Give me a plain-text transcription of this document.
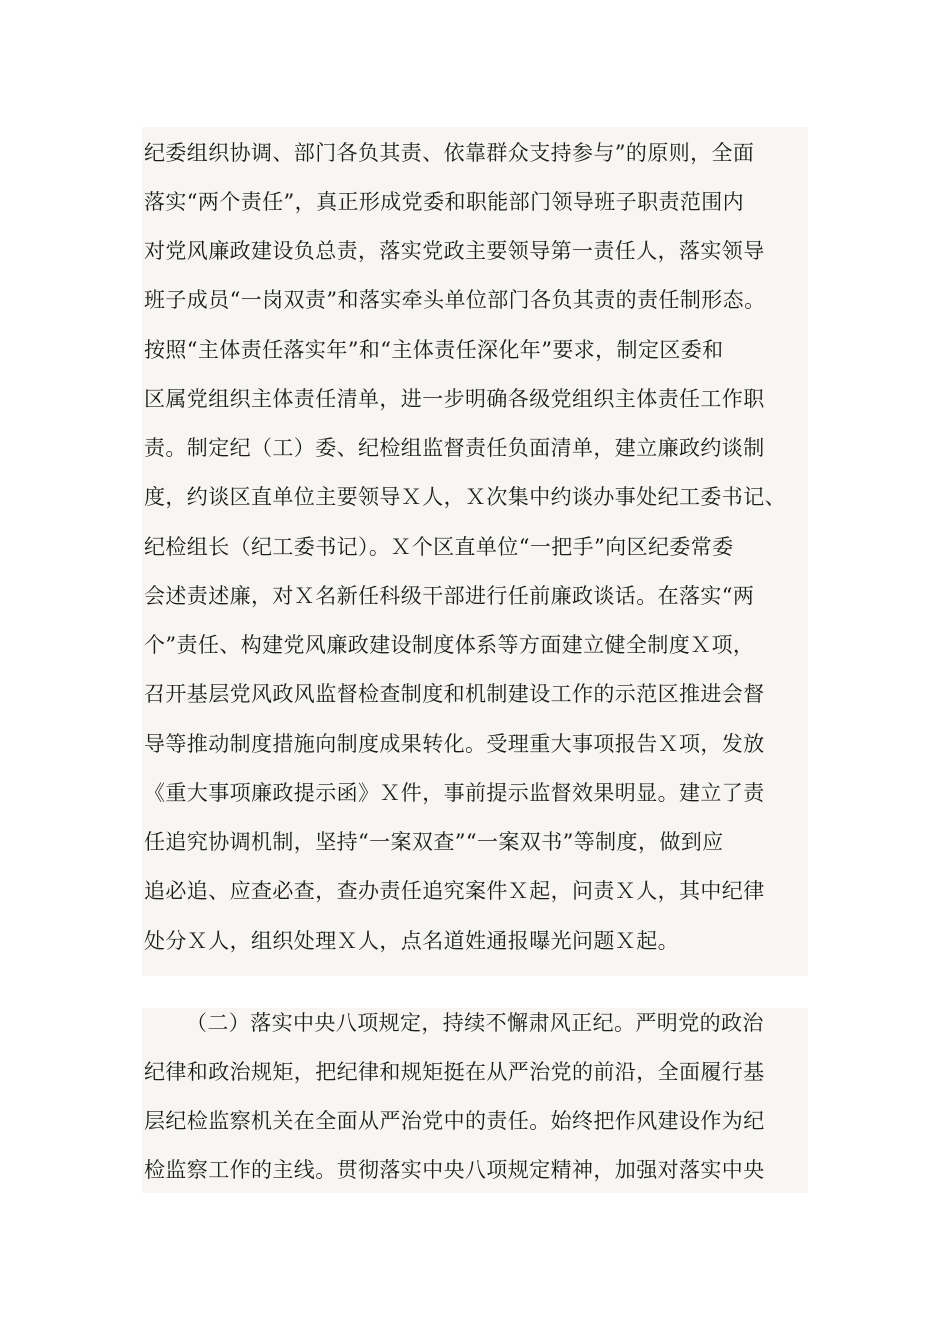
纪委组织协调、部门各负其责、依靠群众支持参与”的原则，全面
落实“两个责任”，真正形成党委和职能部门领导班子职责范围内
对党风廉政建设负总责，落实党政主要领导第一责任人，落实领导
班子成员“一岗双责”和落实牵头单位部门各负其责的责任制形态。
按照“主体责任落实年”和“主体责任深化年”要求，制定区委和
区属党组织主体责任清单，进一步明确各级党组织主体责任工作职
责。制定纪（工）委、纪检组监督责任负面清单，建立廉政约谈制
度，约谈区直单位主要领导Ｘ人，Ｘ次集中约谈办事处纪工委书记、
纪检组长（纪工委书记）。Ｘ个区直单位“一把手”向区纪委常委
会述责述廉，对Ｘ名新任科级干部进行任前廉政谈话。在落实“两
个”责任、构建党风廉政建设制度体系等方面建立健全制度Ｘ项，
召开基层党风政风监督检查制度和机制建设工作的示范区推进会督
导等推动制度措施向制度成果转化。受理重大事项报告Ｘ项，发放
《重大事项廉政提示函》Ｘ件，事前提示监督效果明显。建立了责
任追究协调机制，坚持“一案双查”“一案双书”等制度，做到应
追必追、应查必查，查办责任追究案件Ｘ起，问责Ｘ人，其中纪律
处分Ｘ人，组织处理Ｘ人，点名道姓通报曝光问题Ｘ起。
（二）落实中央八项规定，持续不懈肃风正纪。严明党的政治
纪律和政治规矩，把纪律和规矩挺在从严治党的前沿，全面履行基
层纪检监察机关在全面从严治党中的责任。始终把作风建设作为纪
检监察工作的主线。贯彻落实中央八项规定精神，加强对落实中央
